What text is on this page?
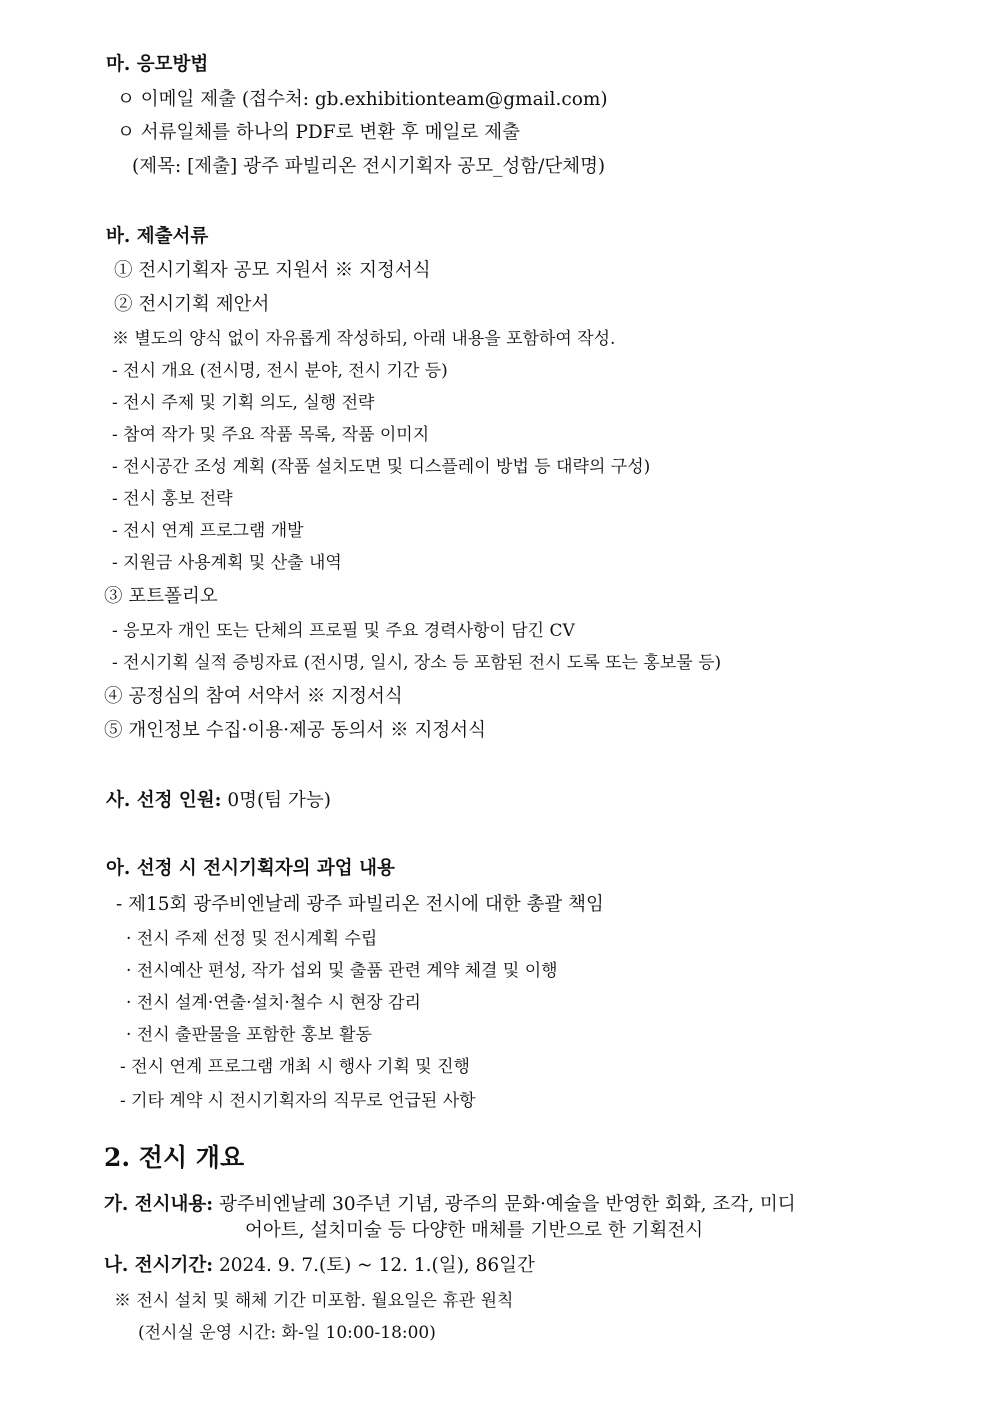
마. 응모방법
ㅇ 이메일 제출 (접수처: gb.exhibitionteam@gmail.com)
ㅇ 서류일체를 하나의 PDF로 변환 후 메일로 제출
(제목: [제출] 광주 파빌리온 전시기획자 공모_성함/단체명)
바. 제출서류
① 전시기획자 공모 지원서 ※ 지정서식
② 전시기획 제안서
※ 별도의 양식 없이 자유롭게 작성하되, 아래 내용을 포함하여 작성.
- 전시 개요 (전시명, 전시 분야, 전시 기간 등)
- 전시 주제 및 기획 의도, 실행 전략
- 참여 작가 및 주요 작품 목록, 작품 이미지
- 전시공간 조성 계획 (작품 설치도면 및 디스플레이 방법 등 대략의 구성)
- 전시 홍보 전략
- 전시 연계 프로그램 개발
- 지원금 사용계획 및 산출 내역
③ 포트폴리오
- 응모자 개인 또는 단체의 프로필 및 주요 경력사항이 담긴 CV
- 전시기획 실적 증빙자료 (전시명, 일시, 장소 등 포함된 전시 도록 또는 홍보물 등)
④ 공정심의 참여 서약서 ※ 지정서식
⑤ 개인정보 수집·이용·제공 동의서 ※ 지정서식
사. 선정 인원: 0명(팀 가능)
아. 선정 시 전시기획자의 과업 내용
- 제15회 광주비엔날레 광주 파빌리온 전시에 대한 총괄 책임
· 전시 주제 선정 및 전시계획 수립
· 전시예산 편성, 작가 섭외 및 출품 관련 계약 체결 및 이행
· 전시 설계·연출·설치·철수 시 현장 감리
· 전시 출판물을 포함한 홍보 활동
- 전시 연계 프로그램 개최 시 행사 기획 및 진행
- 기타 계약 시 전시기획자의 직무로 언급된 사항
2. 전시 개요
가. 전시내용: 광주비엔날레 30주년 기념, 광주의 문화·예술을 반영한 회화, 조각, 미디
어아트, 설치미술 등 다양한 매체를 기반으로 한 기획전시
나. 전시기간: 2024. 9. 7.(토) ~ 12. 1.(일), 86일간
※ 전시 설치 및 해체 기간 미포함. 월요일은 휴관 원칙
(전시실 운영 시간: 화-일 10:00-18:00)
